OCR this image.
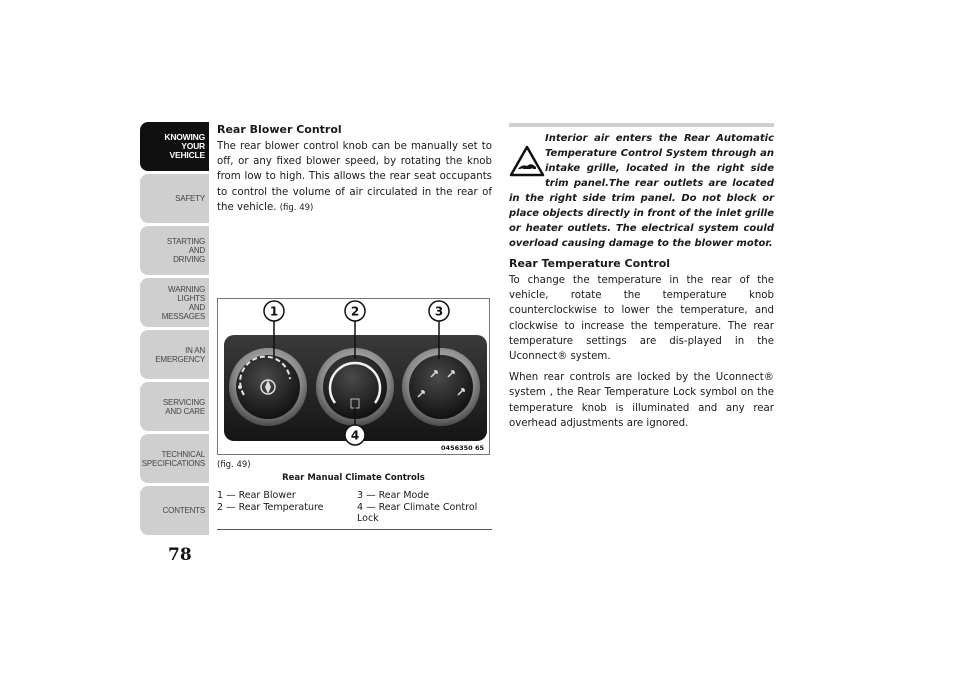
KNOWING
YOUR
VEHICLE
SAFETY
STARTING
AND
DRIVING
WARNING
LIGHTS
AND
MESSAGES
IN AN
EMERGENCY
SERVICING
AND CARE
TECHNICAL
SPECIFICATIONS
CONTENTS
78
Rear Blower Control

The rear blower control knob can be manually set to off, or any fixed blower speed, by rotating the knob from low to high. This allows the rear seat occupants to control the volume of air circulated in the rear of the vehicle. (fig. 49)

1	2	3
4
0456350 65
(fig. 49)
Rear Manual Climate Controls
1 — Rear Blower	3 — Rear Mode
2 — Rear Temperature	4 — Rear Climate Control
Lock

Interior air enters the Rear Automatic Temperature Control System through an intake grille, located in the right side trim panel.The rear outlets are located in the right side trim panel. Do not block or place objects directly in front of the inlet grille or heater outlets. The electrical system could overload causing damage to the blower motor.

Rear Temperature Control

To change the temperature in the rear of the vehicle, rotate the temperature knob counterclockwise to lower the temperature, and clockwise to increase the temperature. The rear temperature settings are dis-played in the Uconnect® system.

When rear controls are locked by the Uconnect® system , the Rear Temperature Lock symbol on the temperature knob is illuminated and any rear overhead adjustments are ignored.
